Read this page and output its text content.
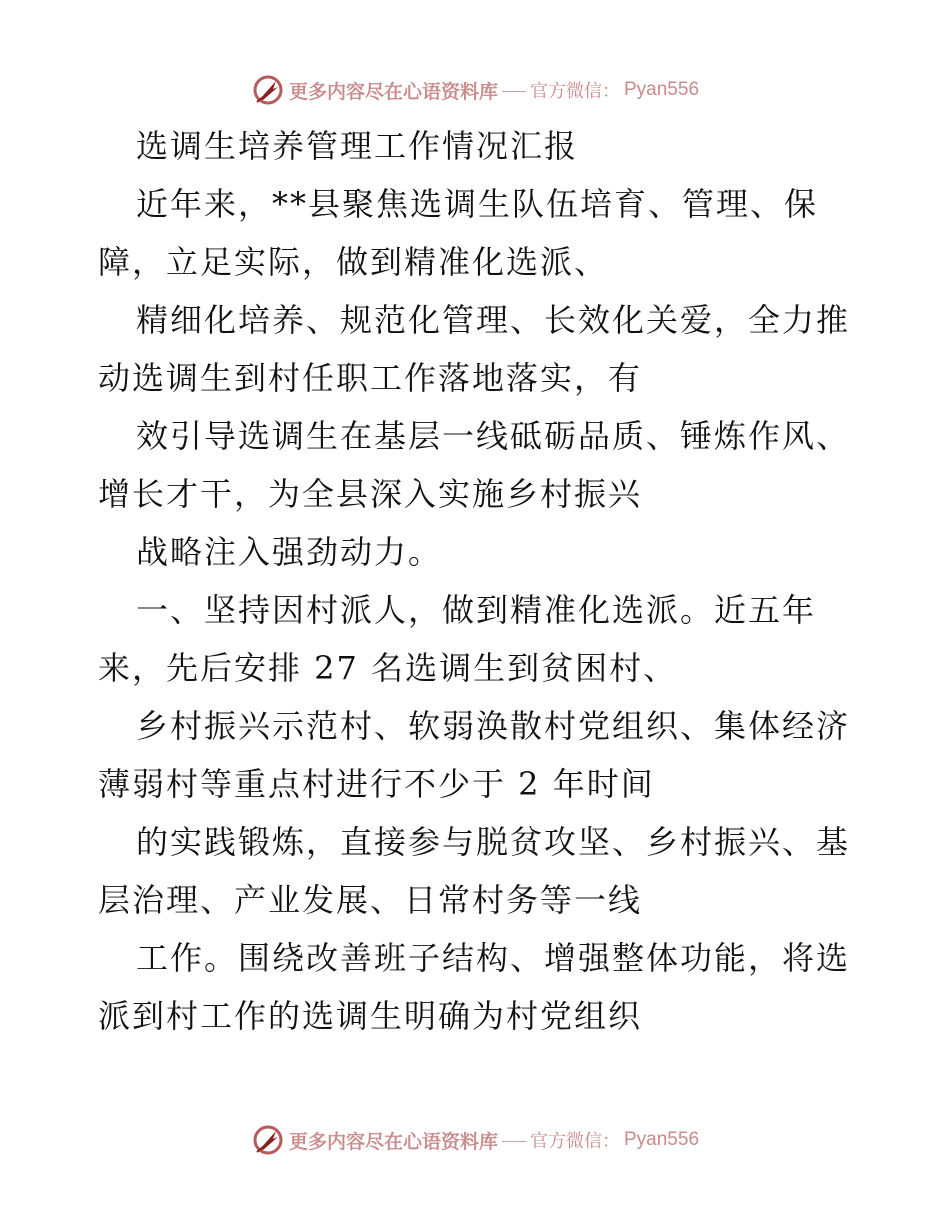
更多内容尽在心语资料库 官方微信： Pyan556
选调生培养管理工作情况汇报
近年来，**县聚焦选调生队伍培育、管理、保
障，立足实际，做到精准化选派、
精细化培养、规范化管理、长效化关爱，全力推
动选调生到村任职工作落地落实，有
效引导选调生在基层一线砥砺品质、锤炼作风、
增长才干，为全县深入实施乡村振兴
战略注入强劲动力。
一、坚持因村派人，做到精准化选派。近五年
来，先后安排 27 名选调生到贫困村、
乡村振兴示范村、软弱涣散村党组织、集体经济
薄弱村等重点村进行不少于 2 年时间
的实践锻炼，直接参与脱贫攻坚、乡村振兴、基
层治理、产业发展、日常村务等一线
工作。围绕改善班子结构、增强整体功能，将选
派到村工作的选调生明确为村党组织
更多内容尽在心语资料库 官方微信： Pyan556
